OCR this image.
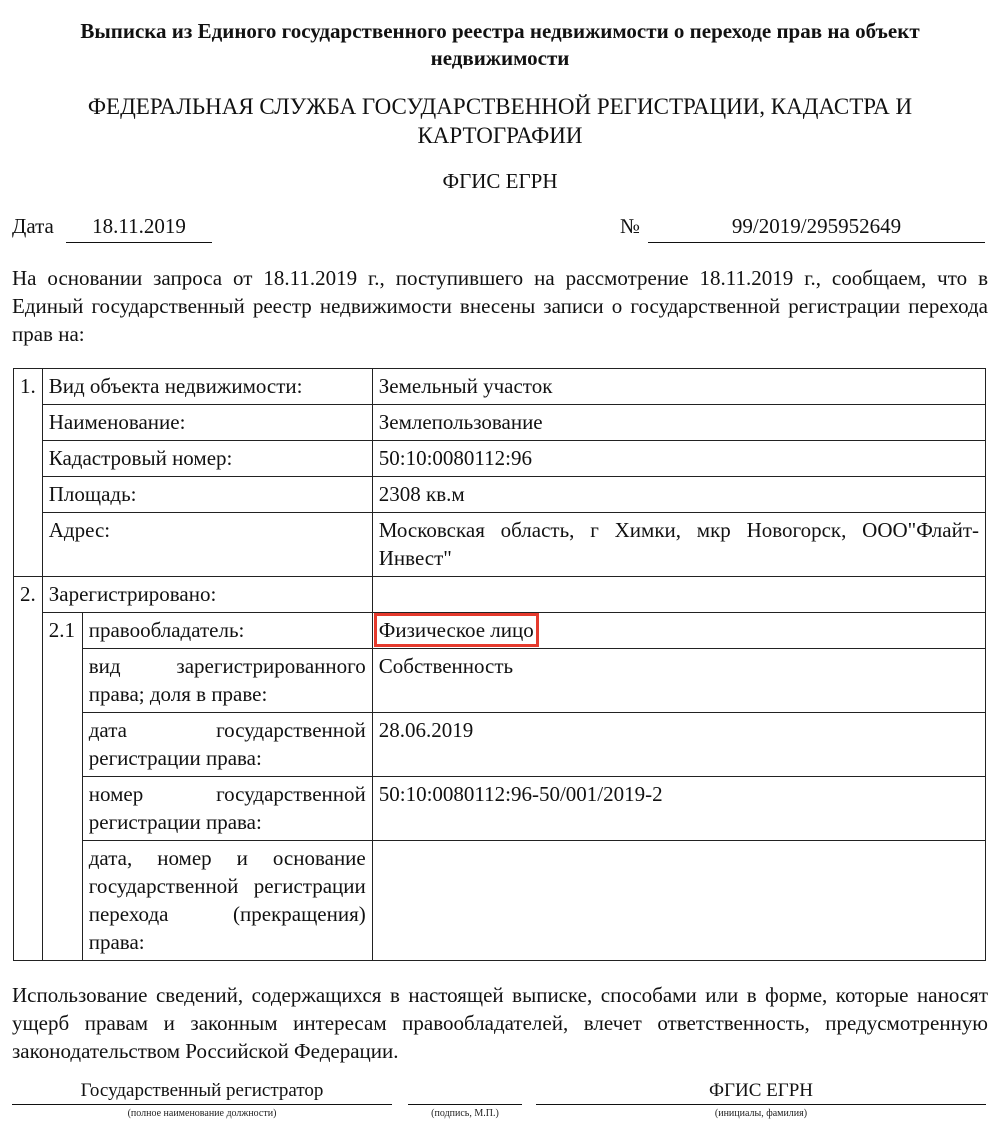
Выписка из Единого государственного реестра недвижимости о переходе прав на объект недвижимости
ФЕДЕРАЛЬНАЯ СЛУЖБА ГОСУДАРСТВЕННОЙ РЕГИСТРАЦИИ, КАДАСТРА И КАРТОГРАФИИ
ФГИС ЕГРН
Дата	18.11.2019	№	99/2019/295952649
На основании запроса от 18.11.2019 г., поступившего на рассмотрение 18.11.2019 г., сообщаем, что в Единый государственный реестр недвижимости внесены записи о государственной регистрации перехода прав на:
1.	Вид объекта недвижимости:		Земельный участок
	Наименование:		Землепользование
	Кадастровый номер:		50:10:0080112:96
	Площадь:		2308 кв.м
	Адрес:		Московская область, г Химки, мкр Новогорск, ООО"Флайт-Инвест"
2.	Зарегистрировано:		
	2.1	правообладатель:	Физическое лицо
		вид зарегистрированного права; доля в праве:	Собственность
		дата государственной регистрации права:	28.06.2019
		номер государственной регистрации права:	50:10:0080112:96-50/001/2019-2
		дата, номер и основание государственной регистрации перехода (прекращения) права:	
Использование сведений, содержащихся в настоящей выписке, способами или в форме, которые наносят ущерб правам и законным интересам правообладателей, влечет ответственность, предусмотренную законодательством Российской Федерации.
Государственный регистратор
(полное наименование должности)	(подпись, М.П.)
ФГИС ЕГРН
(инициалы, фамилия)
